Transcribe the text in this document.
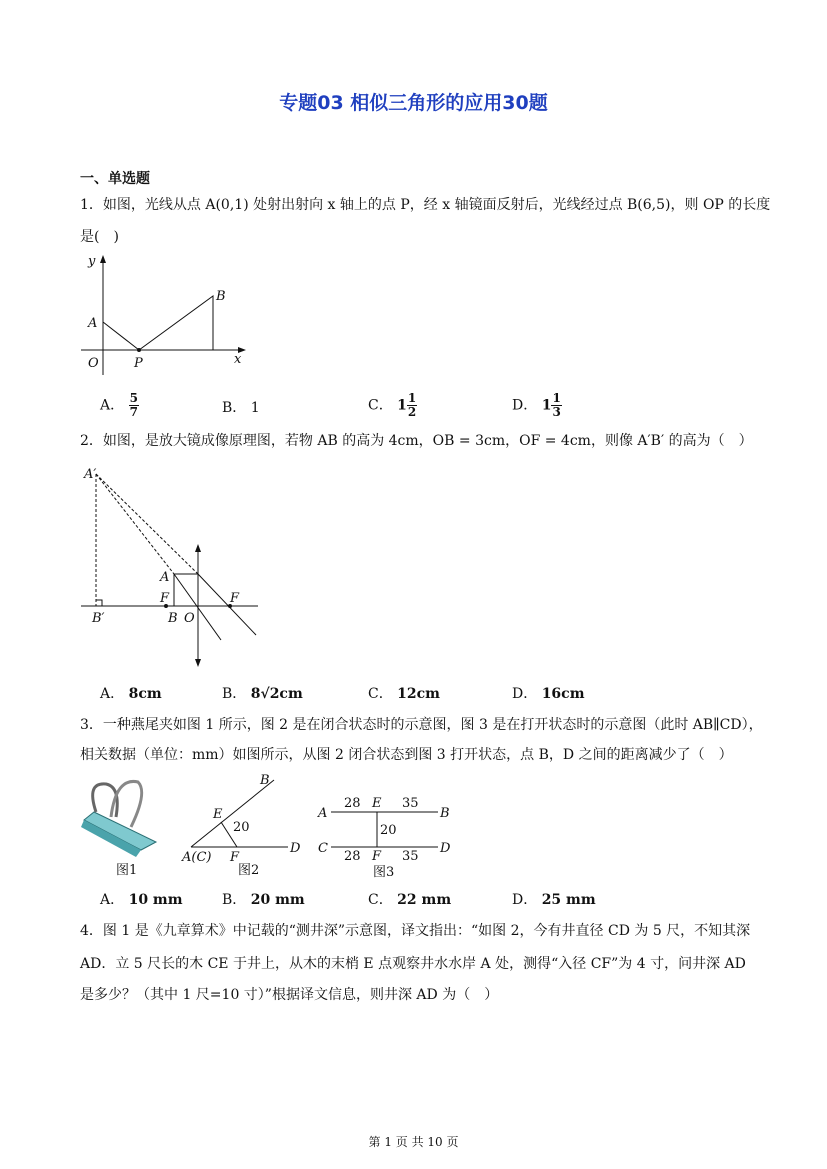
专题03 相似三角形的应用30题
一、单选题
1．如图，光线从点 A(0,1) 处射出射向 x 轴上的点 P，经 x 轴镜面反射后，光线经过点 B(6,5)，则 OP 的长度
是(　)
y
x
A
B
O	P
A． $\frac{5}{7}$	B． 1	C． $1 \frac{1}{2}$	D． $1 \frac{1}{3}$
2．如图，是放大镜成像原理图，若物 AB 的高为 4cm，OB = 3cm，OF = 4cm，则像 A′B′ 的高为（　）
A′
B′
A
F
B O
F
A． 8cm	B． 8√2cm	C． 12cm	D． 16cm
3．一种燕尾夹如图 1 所示，图 2 是在闭合状态时的示意图，图 3 是在打开状态时的示意图（此时 AB∥CD），
相关数据（单位：mm）如图所示，从图 2 闭合状态到图 3 打开状态，点 B，D 之间的距离减少了（　）
图1
E
B
20
A(C) F
D
图2
A
28 E 35
B
20
C
28 F 35
D
图3
A． 10 mm	B． 20 mm	C． 22 mm	D． 25 mm
4．图 1 是《九章算术》中记载的“测井深”示意图，译文指出：“如图 2，今有井直径 CD 为 5 尺，不知其深
AD．立 5 尺长的木 CE 于井上，从木的末梢 E 点观察井水水岸 A 处，测得“入径 CF”为 4 寸，问井深 AD
是多少？（其中 1 尺=10 寸）”根据译文信息，则井深 AD 为（　）
第 1 页 共 10 页
